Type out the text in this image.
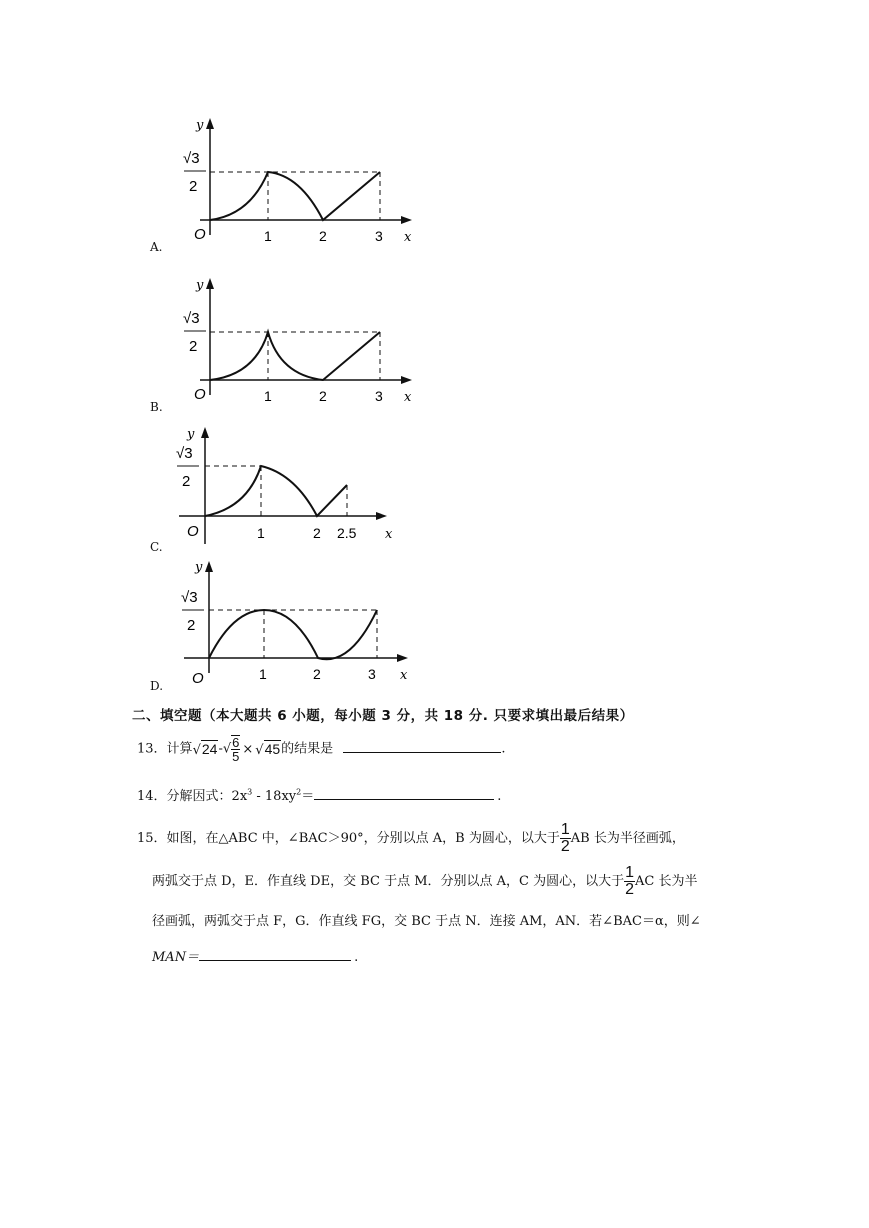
y
√3
2
O	1	2	3 x
A.
y
√3
2
O	1	2	3 x
B.
y
√3
2
O	1	2 2.5 x
C.
y
√3
2
O	1	2	3 x
D.
二、填空题（本大题共 6 小题，每小题 3 分，共 18 分. 只要求填出最后结果）
13．计算$√24-√ \frac{6}{5} \times √45$的结果是	.
14．分解因式：$2x^3 - 18xy^2=$	.
15．如图，在△ABC 中，∠BAC＞90°，分别以点 A，B 为圆心，以大于 $\frac{1}{2}$ AB 长为半径画弧，
两弧交于点 D，E．作直线 DE，交 BC 于点 M．分别以点 A，C 为圆心，以大于 $\frac{1}{2}$ AC 长为半
径画弧，两弧交于点 F，G．作直线 FG，交 BC 于点 N．连接 AM，AN．若∠BAC＝α，则∠
MAN＝	.
